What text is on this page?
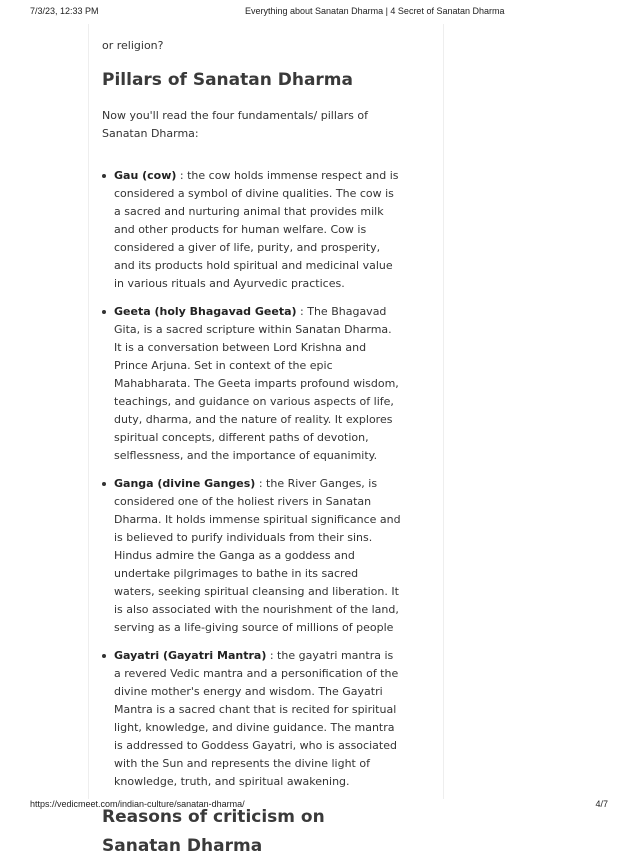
7/3/23, 12:33 PM	Everything about Sanatan Dharma | 4 Secret of Sanatan Dharma

or religion?

Pillars of Sanatan Dharma

Now you'll read the four fundamentals/ pillars of Sanatan Dharma:

Gau (cow) : the cow holds immense respect and is considered a symbol of divine qualities. The cow is a sacred and nurturing animal that provides milk and other products for human welfare. Cow is considered a giver of life, purity, and prosperity, and its products hold spiritual and medicinal value in various rituals and Ayurvedic practices.
Geeta (holy Bhagavad Geeta) : The Bhagavad Gita, is a sacred scripture within Sanatan Dharma. It is a conversation between Lord Krishna and Prince Arjuna. Set in context of the epic Mahabharata. The Geeta imparts profound wisdom, teachings, and guidance on various aspects of life, duty, dharma, and the nature of reality. It explores spiritual concepts, different paths of devotion, selflessness, and the importance of equanimity.
Ganga (divine Ganges) : the River Ganges, is considered one of the holiest rivers in Sanatan Dharma. It holds immense spiritual significance and is believed to purify individuals from their sins. Hindus admire the Ganga as a goddess and undertake pilgrimages to bathe in its sacred waters, seeking spiritual cleansing and liberation. It is also associated with the nourishment of the land, serving as a life-giving source of millions of people
Gayatri (Gayatri Mantra) : the gayatri mantra is a revered Vedic mantra and a personification of the divine mother's energy and wisdom. The Gayatri Mantra is a sacred chant that is recited for spiritual light, knowledge, and divine guidance. The mantra is addressed to Goddess Gayatri, who is associated with the Sun and represents the divine light of knowledge, truth, and spiritual awakening.
Reasons of criticism on Sanatan Dharma
https://vedicmeet.com/indian-culture/sanatan-dharma/	4/7
